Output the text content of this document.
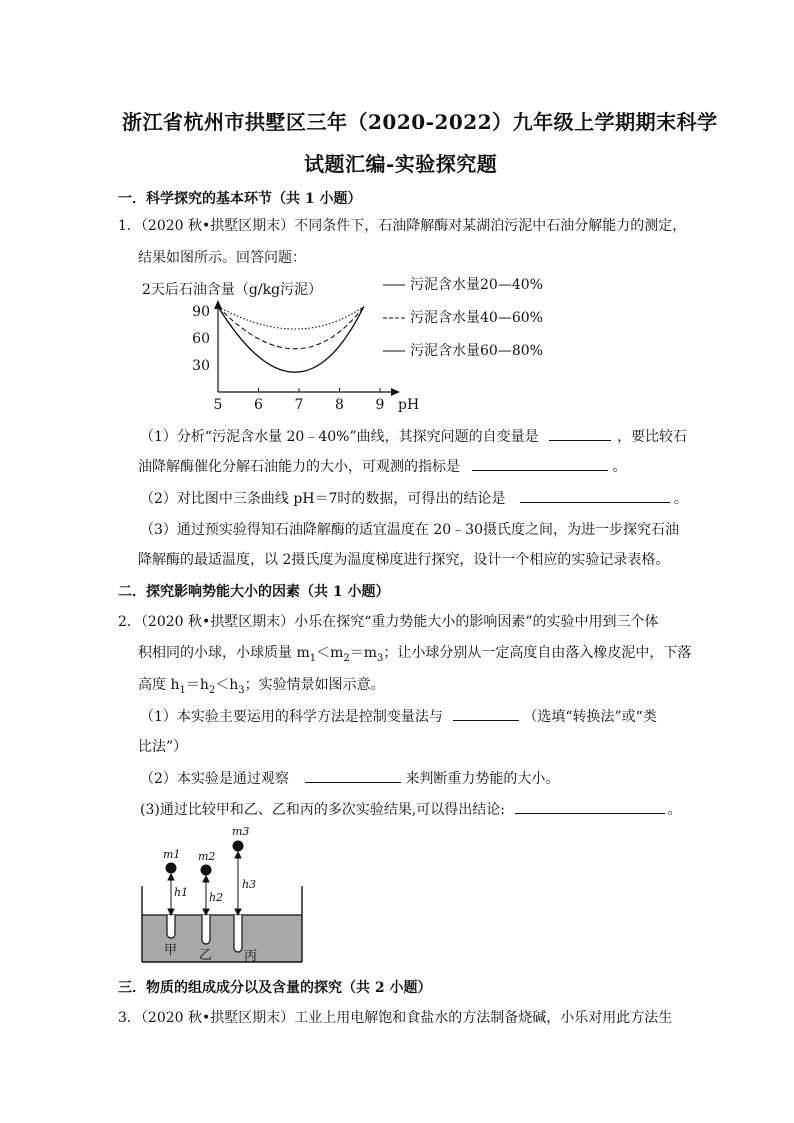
浙江省杭州市拱墅区三年（2020-2022）九年级上学期期末科学
试题汇编-实验探究题
一．科学探究的基本环节（共 1 小题）
1．（2020 秋•拱墅区期末）不同条件下，石油降解酶对某湖泊污泥中石油分解能力的测定，
结果如图所示。回答问题：
2天后石油含量（g/kg污泥）
pH
5 6 7 8 9
30
60
90
污泥含水量20—40%
污泥含水量40—60%
污泥含水量60—80%
（1）分析“污泥含水量 20﹣40%”曲线，其探究问题的自变量是	，要比较石
油降解酶催化分解石油能力的大小，可观测的指标是	。
（2）对比图中三条曲线 pH＝7时的数据，可得出的结论是	。
（3）通过预实验得知石油降解酶的适宜温度在 20﹣30摄氏度之间，为进一步探究石油
降解酶的最适温度，以 2摄氏度为温度梯度进行探究，设计一个相应的实验记录表格。
二．探究影响势能大小的因素（共 1 小题）
2．（2020 秋•拱墅区期末）小乐在探究“重力势能大小的影响因素”的实验中用到三个体
积相同的小球，小球质量 $m_1<m_2=m_3$；让小球分别从一定高度自由落入橡皮泥中，下落
高度 $h_1=h_2<h_3$；实验情景如图示意。
（1）本实验主要运用的科学方法是控制变量法与	（选填“转换法”或“类
比法”）
（2）本实验是通过观察	来判断重力势能的大小。
(3)通过比较甲和乙、乙和丙的多次实验结果,可以得出结论:	。
m1 m2
m3
h1 h2
h3
甲 乙 丙
三．物质的组成成分以及含量的探究（共 2 小题）
3．（2020 秋•拱墅区期末）工业上用电解饱和食盐水的方法制备烧碱，小乐对用此方法生
